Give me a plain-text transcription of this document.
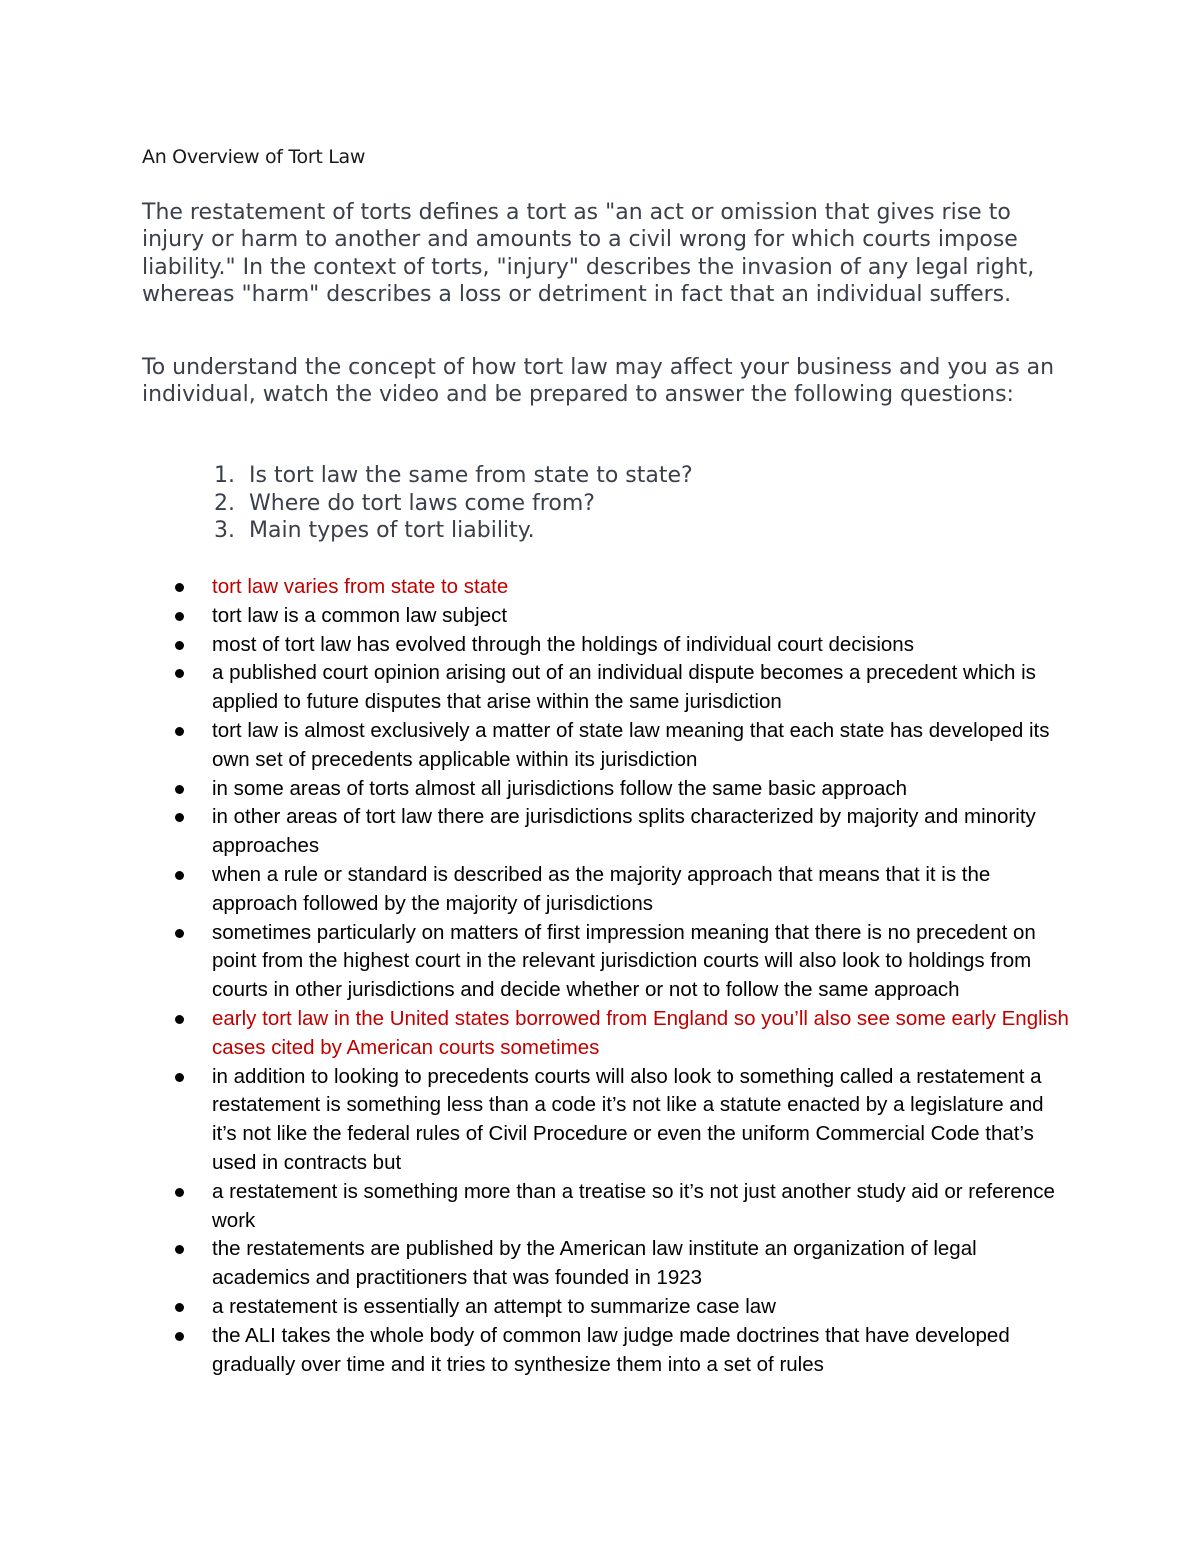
An Overview of Tort Law

The restatement of torts defines a tort as "an act or omission that gives rise to injury or harm to another and amounts to a civil wrong for which courts impose liability." In the context of torts, "injury" describes the invasion of any legal right, whereas "harm" describes a loss or detriment in fact that an individual suffers.

To understand the concept of how tort law may affect your business and you as an individual, watch the video and be prepared to answer the following questions:

1. Is tort law the same from state to state?
2. Where do tort laws come from?
3. Main types of tort liability.
tort law varies from state to state
tort law is a common law subject
most of tort law has evolved through the holdings of individual court decisions
a published court opinion arising out of an individual dispute becomes a precedent which is applied to future disputes that arise within the same jurisdiction
tort law is almost exclusively a matter of state law meaning that each state has developed its own set of precedents applicable within its jurisdiction
in some areas of torts almost all jurisdictions follow the same basic approach
in other areas of tort law there are jurisdictions splits characterized by majority and minority approaches
when a rule or standard is described as the majority approach that means that it is the approach followed by the majority of jurisdictions
sometimes particularly on matters of first impression meaning that there is no precedent on point from the highest court in the relevant jurisdiction courts will also look to holdings from courts in other jurisdictions and decide whether or not to follow the same approach
early tort law in the United states borrowed from England so you’ll also see some early English cases cited by American courts sometimes
in addition to looking to precedents courts will also look to something called a restatement a restatement is something less than a code it’s not like a statute enacted by a legislature and it’s not like the federal rules of Civil Procedure or even the uniform Commercial Code that’s used in contracts but
a restatement is something more than a treatise so it’s not just another study aid or reference work
the restatements are published by the American law institute an organization of legal academics and practitioners that was founded in 1923
a restatement is essentially an attempt to summarize case law
the ALI takes the whole body of common law judge made doctrines that have developed gradually over time and it tries to synthesize them into a set of rules
